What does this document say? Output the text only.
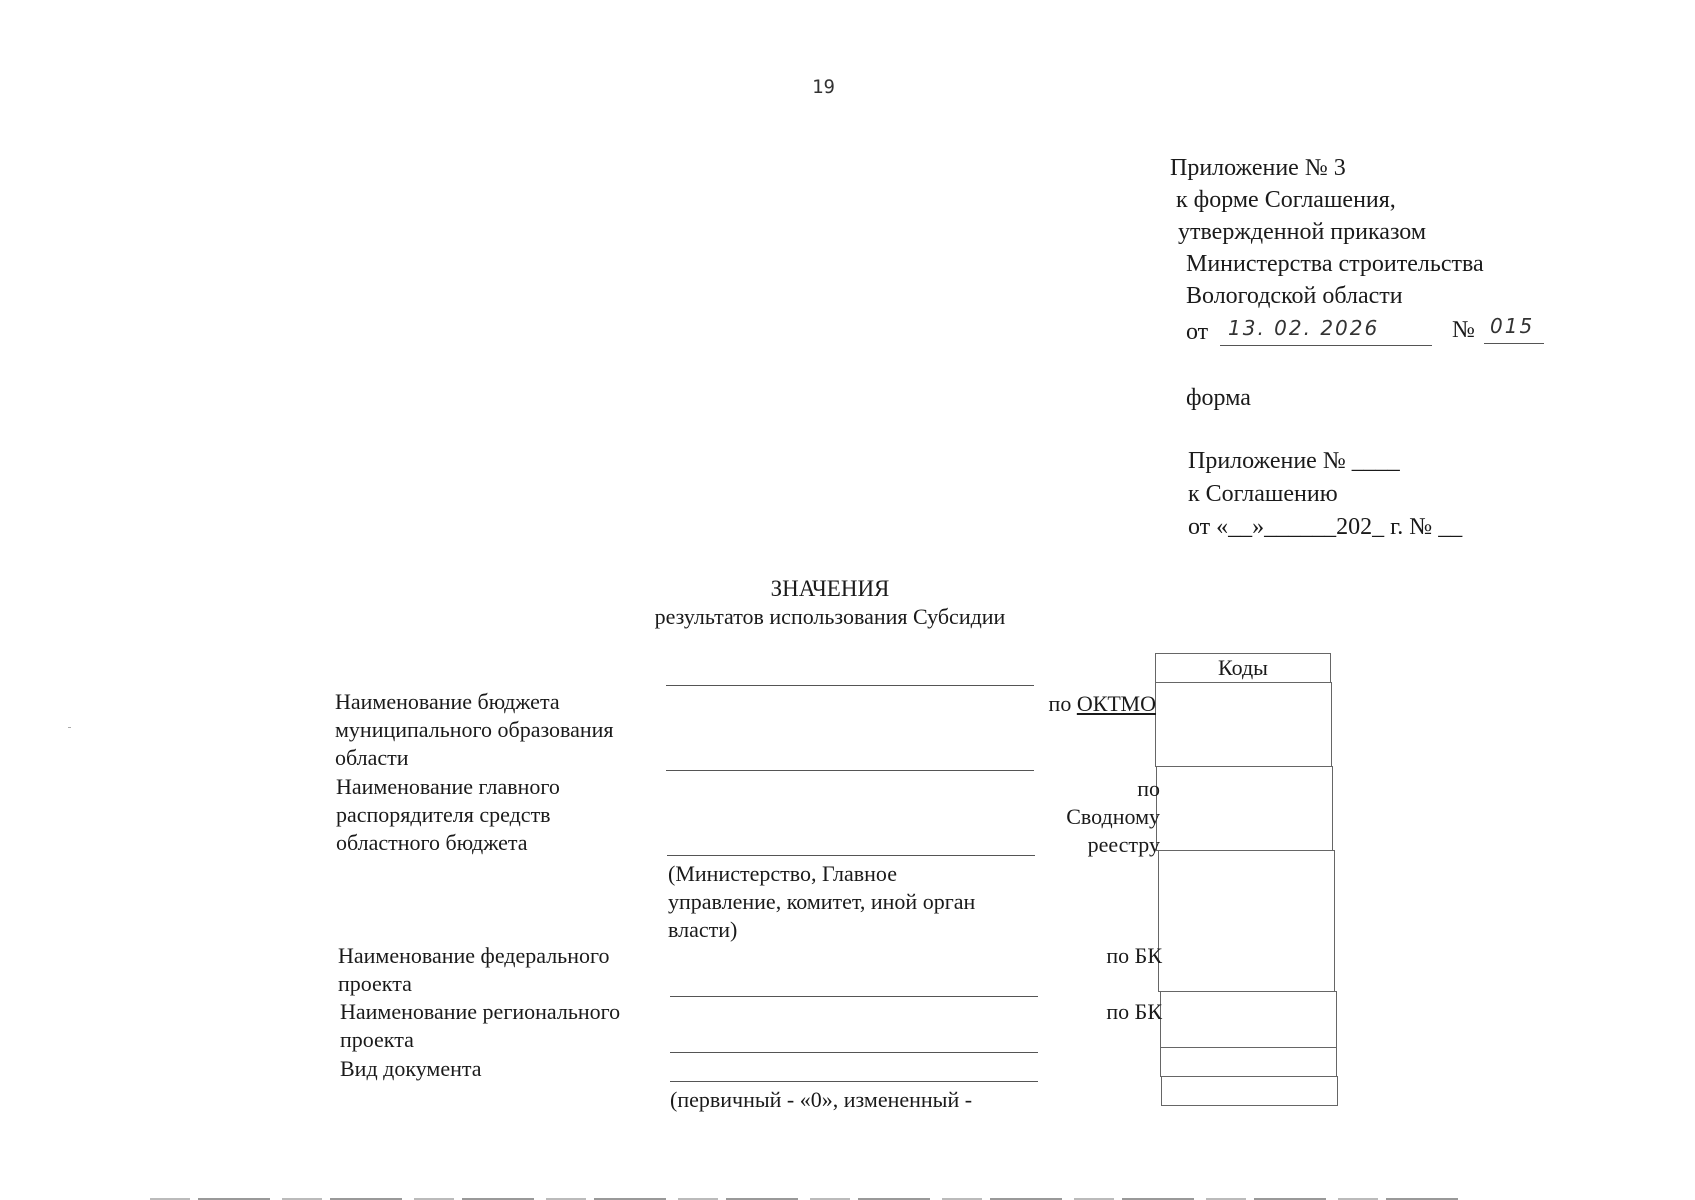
19
Приложение № 3
к форме Соглашения,
утвержденной приказом
Министерства строительства
Вологодской области
от 13. 02. 2026	№ 015
форма
Приложение № ____
к Соглашению
от «__»______202_ г. № __
ЗНАЧЕНИЯ
результатов использования Субсидии
Коды
Наименование бюджета
муниципального образования
области
Наименование главного
распорядителя средств
областного бюджета
Наименование федерального
проекта
Наименование регионального
проекта
Вид документа
(Министерство, Главное
управление, комитет, иной орган
власти)
(первичный - «0», измененный -
по ОКТМО
по
Сводному
реестру
по БК
по БК
